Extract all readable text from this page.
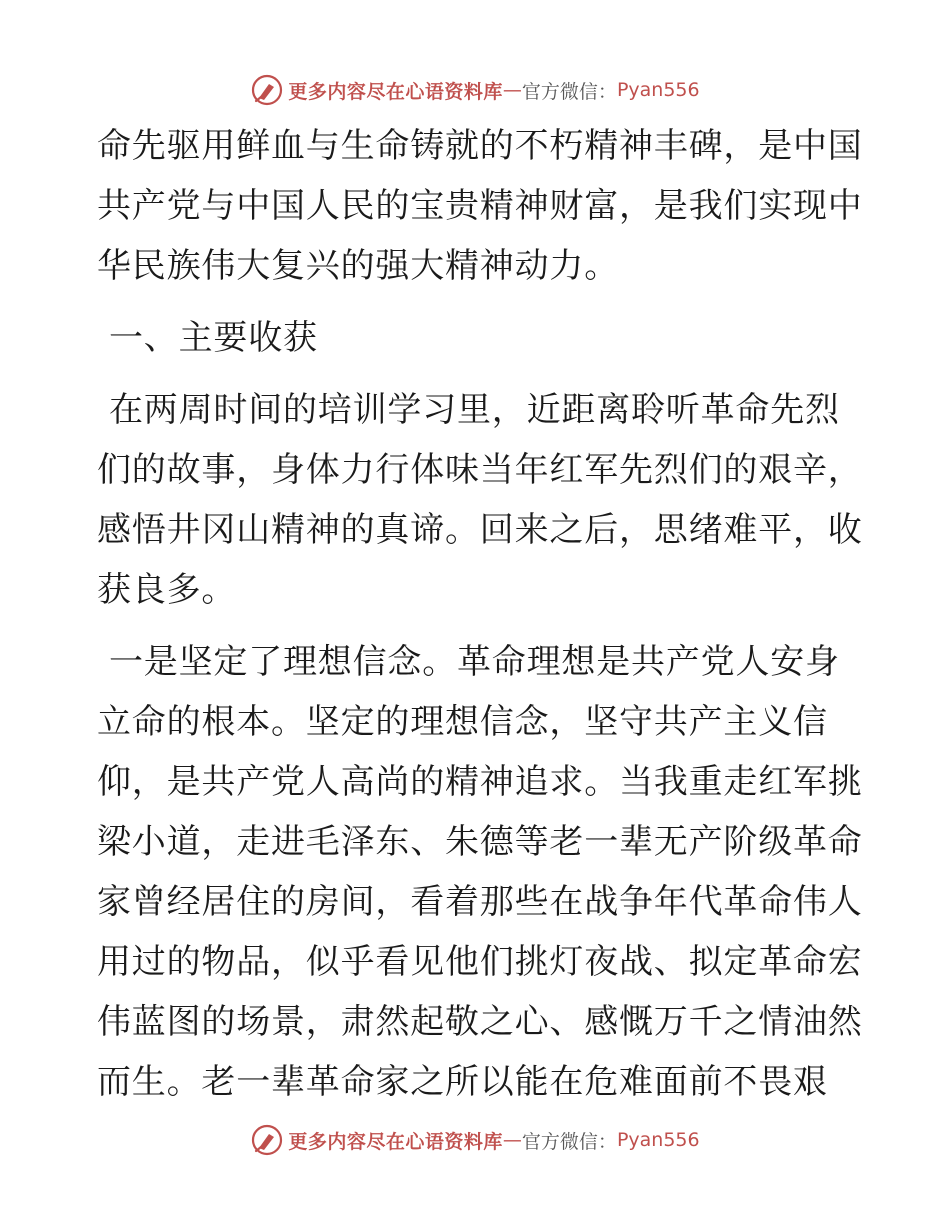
更多内容尽在心语资料库 — 官方微信： Pyan556
命先驱用鲜血与生命铸就的不朽精神丰碑，是中国
共产党与中国人民的宝贵精神财富，是我们实现中
华民族伟大复兴的强大精神动力。
一、主要收获
在两周时间的培训学习里，近距离聆听革命先烈
们的故事，身体力行体味当年红军先烈们的艰辛，
感悟井冈山精神的真谛。回来之后，思绪难平，收
获良多。
一是坚定了理想信念。革命理想是共产党人安身
立命的根本。坚定的理想信念，坚守共产主义信
仰，是共产党人高尚的精神追求。当我重走红军挑
梁小道，走进毛泽东、朱德等老一辈无产阶级革命
家曾经居住的房间，看着那些在战争年代革命伟人
用过的物品，似乎看见他们挑灯夜战、拟定革命宏
伟蓝图的场景，肃然起敬之心、感慨万千之情油然
而生。老一辈革命家之所以能在危难面前不畏艰
更多内容尽在心语资料库 — 官方微信： Pyan556
